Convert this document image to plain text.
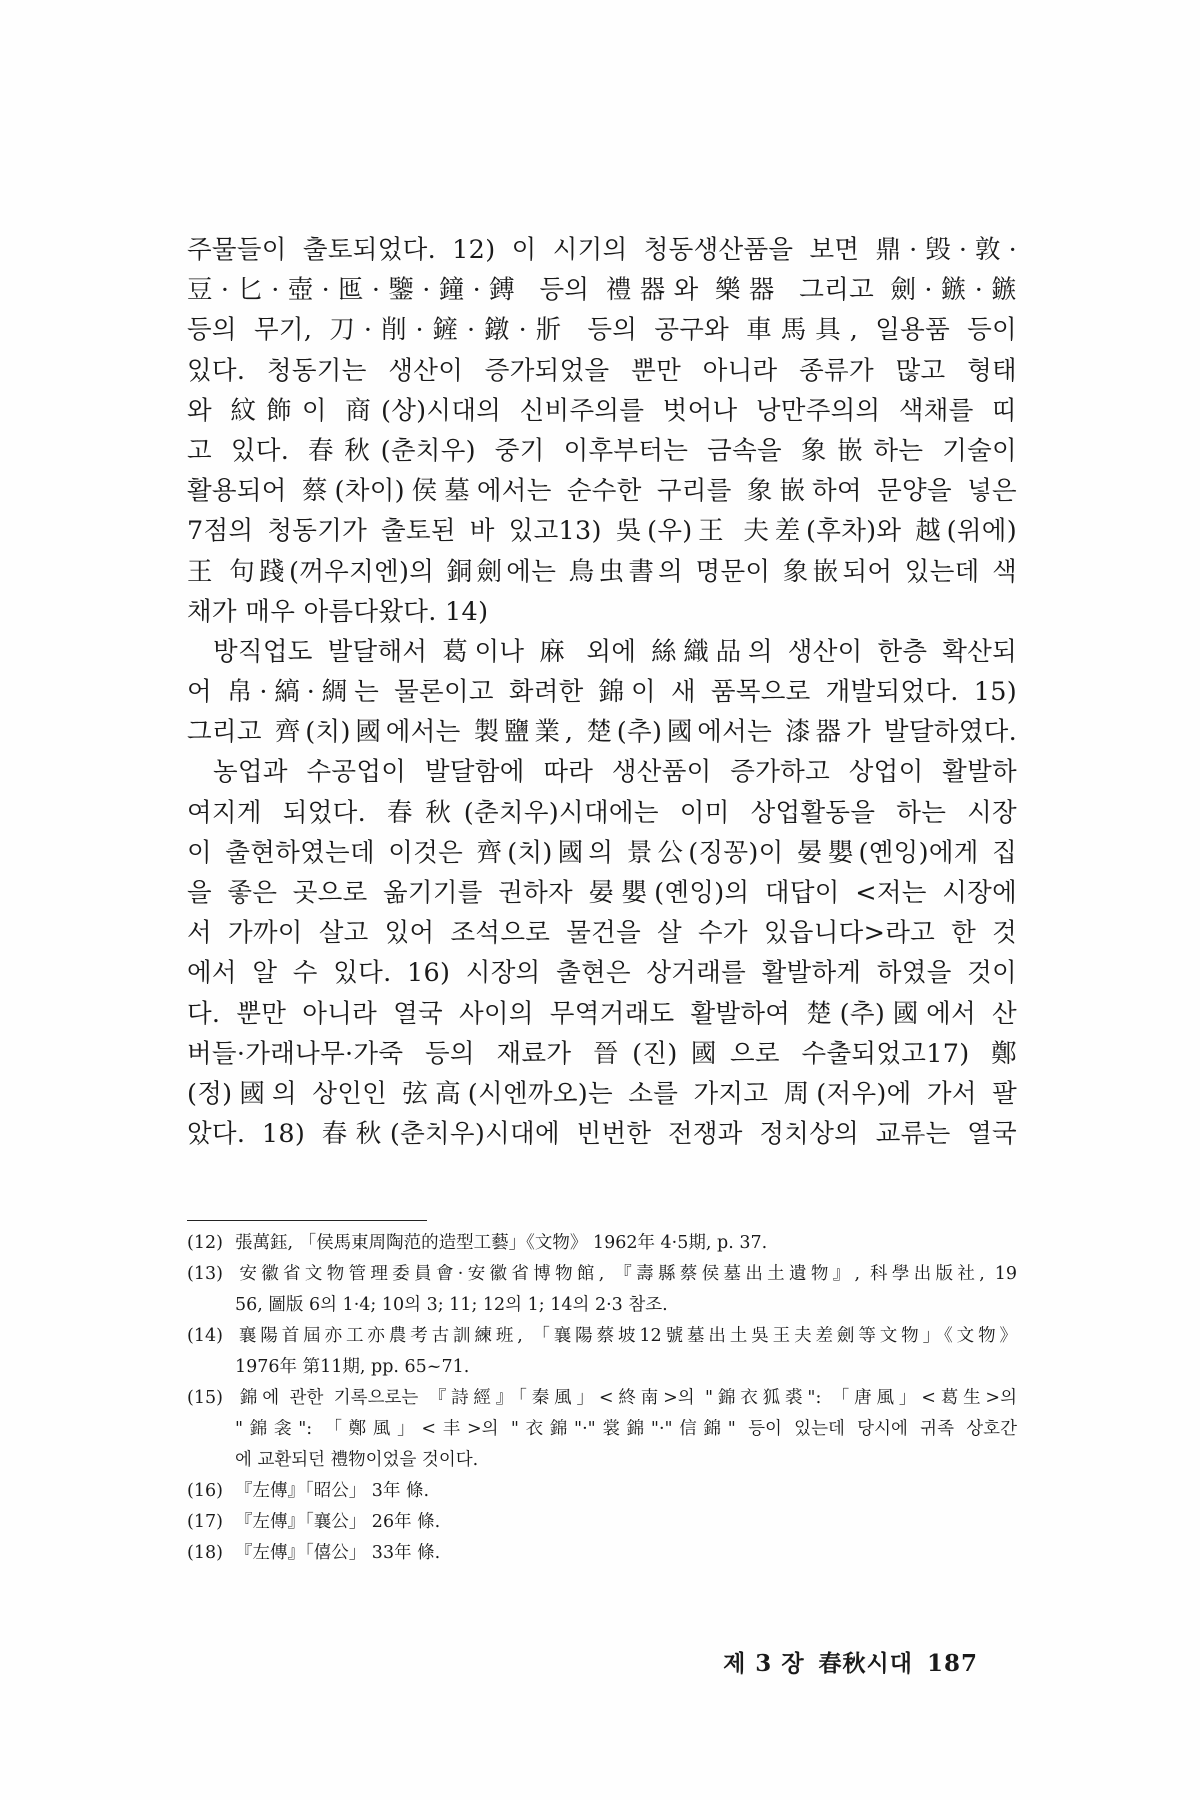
주물들이 출토되었다. 12) 이 시기의 청동생산품을 보면 鼎·毁·敦·
豆·匕·壺·匜·鑒·鐘·鎛 등의 禮器와 樂器 그리고 劍·鏃·鏃
등의 무기, 刀·削·鏟·鐓·斨 등의 공구와 車馬具, 일용품 등이
있다. 청동기는 생산이 증가되었을 뿐만 아니라 종류가 많고 형태
와 紋飾이 商(상)시대의 신비주의를 벗어나 낭만주의의 색채를 띠
고 있다. 春秋(춘치우) 중기 이후부터는 금속을 象嵌하는 기술이
활용되어 蔡(차이)侯墓에서는 순수한 구리를 象嵌하여 문양을 넣은
7점의 청동기가 출토된 바 있고13) 吳(우)王 夫差(후차)와 越(위에)
王 句踐(꺼우지엔)의 銅劍에는 鳥虫書의 명문이 象嵌되어 있는데 색
채가 매우 아름다왔다. 14)
방직업도 발달해서 葛이나 麻 외에 絲織品의 생산이 한층 확산되
어 帛·縞·綢는 물론이고 화려한 錦이 새 품목으로 개발되었다. 15)
그리고 齊(치)國에서는 製鹽業, 楚(추)國에서는 漆器가 발달하였다.
농업과 수공업이 발달함에 따라 생산품이 증가하고 상업이 활발하
여지게 되었다. 春秋(춘치우)시대에는 이미 상업활동을 하는 시장
이 출현하였는데 이것은 齊(치)國의 景公(징꽁)이 晏嬰(옌잉)에게 집
을 좋은 곳으로 옮기기를 권하자 晏嬰(옌잉)의 대답이 <저는 시장에
서 가까이 살고 있어 조석으로 물건을 살 수가 있읍니다>라고 한 것
에서 알 수 있다. 16) 시장의 출현은 상거래를 활발하게 하였을 것이
다. 뿐만 아니라 열국 사이의 무역거래도 활발하여 楚(추)國에서 산
버들·가래나무·가죽 등의 재료가 晉(진)國으로 수출되었고17) 鄭
(정)國의 상인인 弦高(시엔까오)는 소를 가지고 周(저우)에 가서 팔
았다. 18) 春秋(춘치우)시대에 빈번한 전쟁과 정치상의 교류는 열국
(12) 張萬鈺, 「侯馬東周陶范的造型工藝」《文物》 1962年 4·5期, p. 37.
(13) 安徽省文物管理委員會·安徽省博物館, 『壽縣蔡侯墓出土遺物』, 科學出版社, 19
56, 圖版 6의 1·4; 10의 3; 11; 12의 1; 14의 2·3 참조.
(14) 襄陽首屆亦工亦農考古訓練班, 「襄陽蔡坡12號墓出土吳王夫差劍等文物」《文物》
1976年 第11期, pp. 65~71.
(15) 錦에 관한 기록으로는 『詩經』「秦風」<終南>의 "錦衣狐裘": 「唐風」<葛生>의
"錦衾": 「鄭風」<丰>의 "衣錦"·"裳錦"·"信錦" 등이 있는데 당시에 귀족 상호간
에 교환되던 禮物이었을 것이다.
(16) 『左傳』「昭公」 3年 條.
(17) 『左傳』「襄公」 26年 條.
(18) 『左傳』「僖公」 33年 條.
제 3 장 春秋시대 187
